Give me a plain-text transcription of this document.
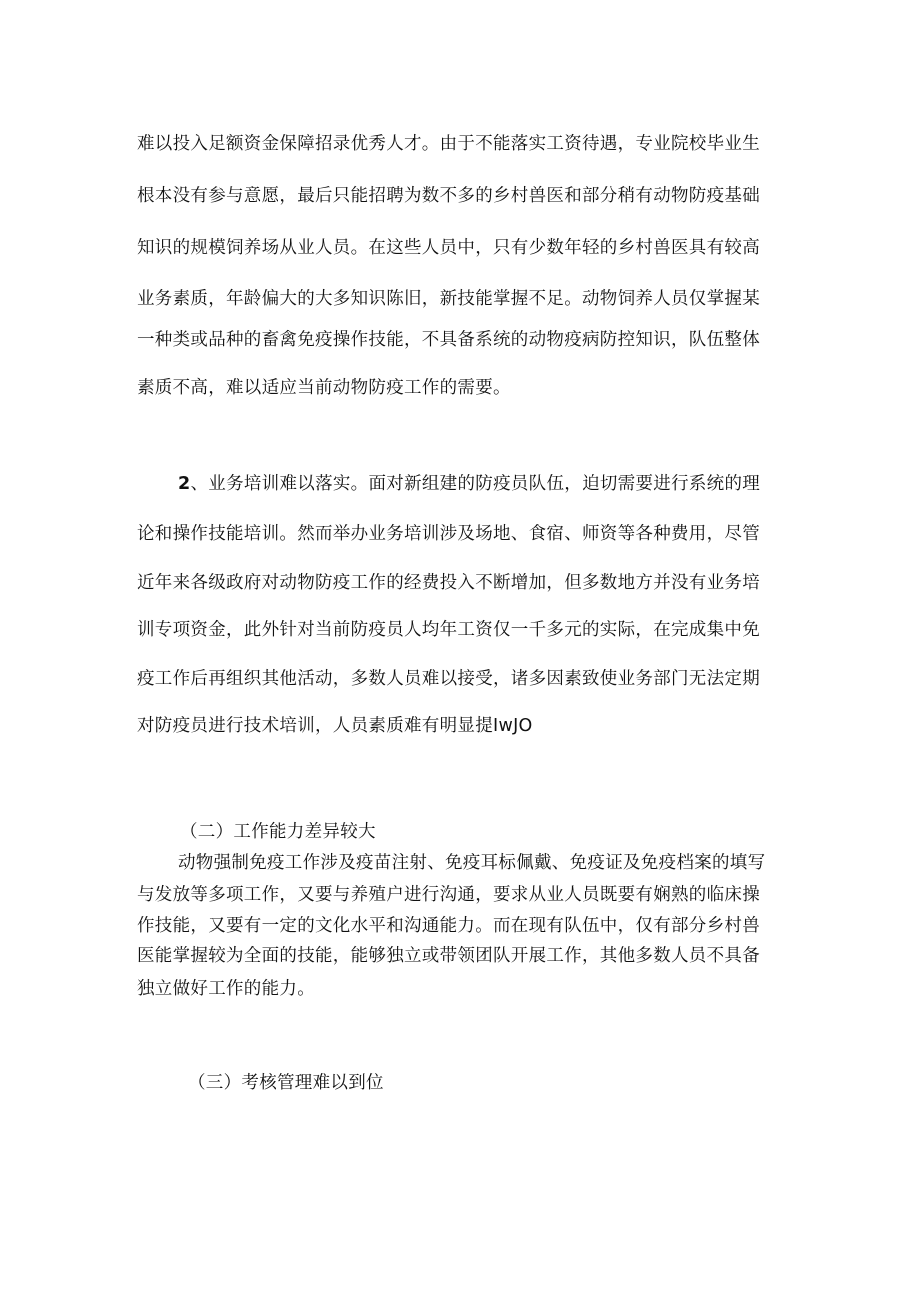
难以投入足额资金保障招录优秀人才。由于不能落实工资待遇，专业院校毕业生
根本没有参与意愿，最后只能招聘为数不多的乡村兽医和部分稍有动物防疫基础
知识的规模饲养场从业人员。在这些人员中，只有少数年轻的乡村兽医具有较高
业务素质，年龄偏大的大多知识陈旧，新技能掌握不足。动物饲养人员仅掌握某
一种类或品种的畜禽免疫操作技能，不具备系统的动物疫病防控知识，队伍整体
素质不高，难以适应当前动物防疫工作的需要。
2、业务培训难以落实。面对新组建的防疫员队伍，迫切需要进行系统的理
论和操作技能培训。然而举办业务培训涉及场地、食宿、师资等各种费用，尽管
近年来各级政府对动物防疫工作的经费投入不断增加，但多数地方并没有业务培
训专项资金，此外针对当前防疫员人均年工资仅一千多元的实际，在完成集中免
疫工作后再组织其他活动，多数人员难以接受，诸多因素致使业务部门无法定期
对防疫员进行技术培训，人员素质难有明显提IwJO
（二）工作能力差异较大
动物强制免疫工作涉及疫苗注射、免疫耳标佩戴、免疫证及免疫档案的填写
与发放等多项工作，又要与养殖户进行沟通，要求从业人员既要有娴熟的临床操
作技能，又要有一定的文化水平和沟通能力。而在现有队伍中，仅有部分乡村兽
医能掌握较为全面的技能，能够独立或带领团队开展工作，其他多数人员不具备
独立做好工作的能力。
（三）考核管理难以到位
